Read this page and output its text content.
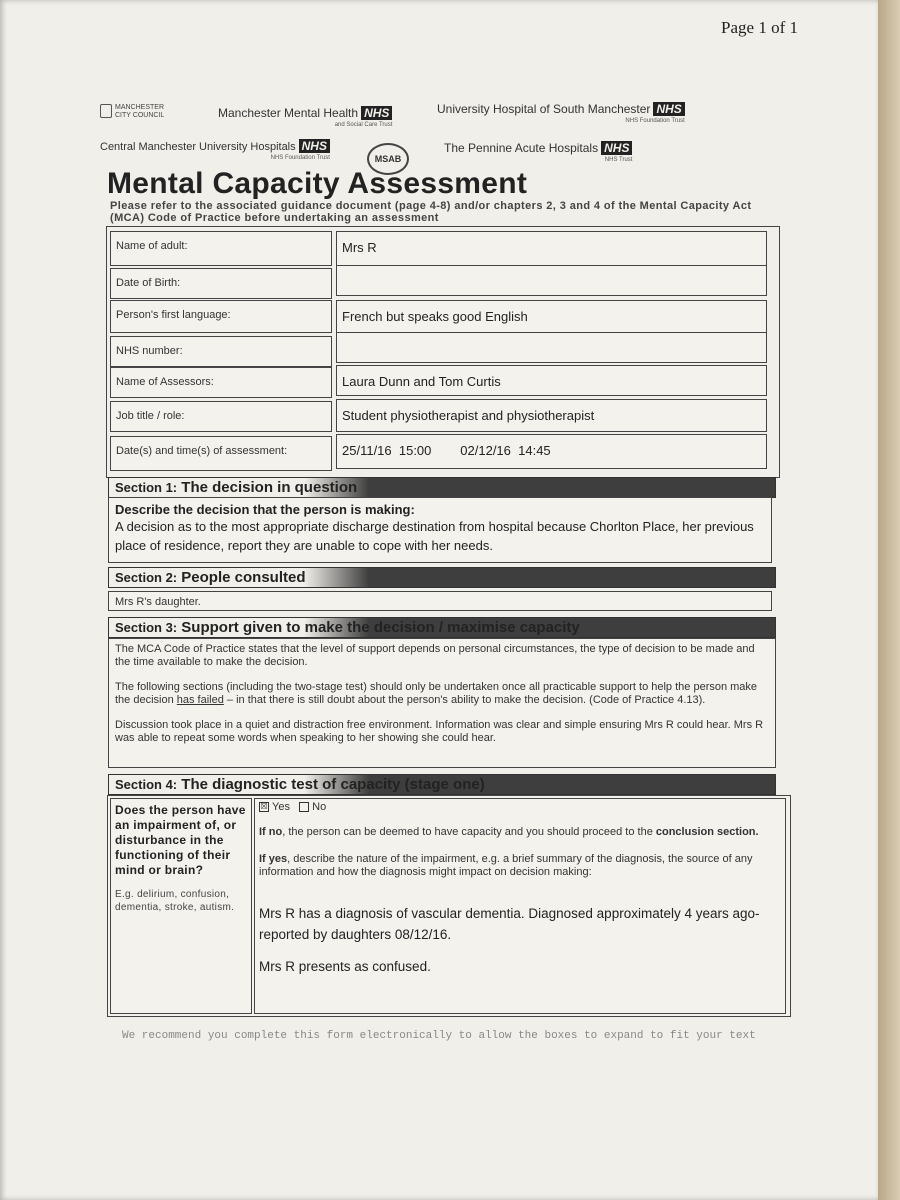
Page 1 of 1
MANCHESTER
CITY COUNCIL	Manchester Mental Health NHS
and Social Care Trust
University Hospital of South Manchester NHS
NHS Foundation Trust
Central Manchester University Hospitals NHS
NHS Foundation Trust	MSAB
The Pennine Acute Hospitals NHS
NHS Trust
Mental Capacity Assessment
Please refer to the associated guidance document (page 4-8) and/or chapters 2, 3 and 4 of the Mental Capacity Act (MCA) Code of Practice before undertaking an assessment
Name of adult:	Mrs R
Date of Birth:
Person's first language:	French but speaks good English
NHS number:
Name of Assessors:	Laura Dunn and Tom Curtis
Job title / role:	Student physiotherapist and physiotherapist
Date(s) and time(s) of assessment:	25/11/16  15:00        02/12/16  14:45
Section 1: The decision in question
Describe the decision that the person is making:
A decision as to the most appropriate discharge destination from hospital because Chorlton Place, her previous place of residence, report they are unable to cope with her needs.
Section 2: People consulted
Mrs R's daughter.
Section 3: Support given to make the decision / maximise capacity
The MCA Code of Practice states that the level of support depends on personal circumstances, the type of decision to be made and the time available to make the decision.
The following sections (including the two-stage test) should only be undertaken once all practicable support to help the person make the decision has failed – in that there is still doubt about the person's ability to make the decision. (Code of Practice 4.13).
Discussion took place in a quiet and distraction free environment. Information was clear and simple ensuring Mrs R could hear. Mrs R was able to repeat some words when speaking to her showing she could hear.
Section 4: The diagnostic test of capacity (stage one)
Does the person have an impairment of, or disturbance in the functioning of their mind or brain?
E.g. delirium, confusion, dementia, stroke, autism.
☒ Yes No
If no, the person can be deemed to have capacity and you should proceed to the conclusion section.
If yes, describe the nature of the impairment, e.g. a brief summary of the diagnosis, the source of any information and how the diagnosis might impact on decision making:
Mrs R has a diagnosis of vascular dementia. Diagnosed approximately 4 years ago- reported by daughters 08/12/16.
Mrs R presents as confused.
We recommend you complete this form electronically to allow the boxes to expand to fit your text
